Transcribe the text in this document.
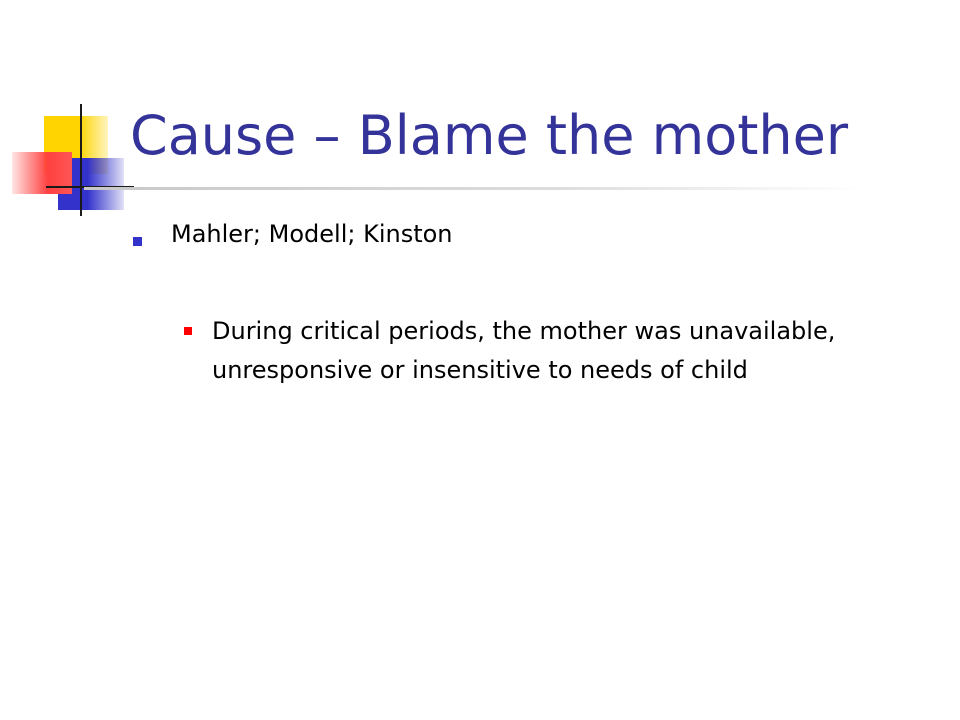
Cause – Blame the mother
Mahler; Modell; Kinston
During critical periods, the mother was unavailable, unresponsive or insensitive to needs of child
